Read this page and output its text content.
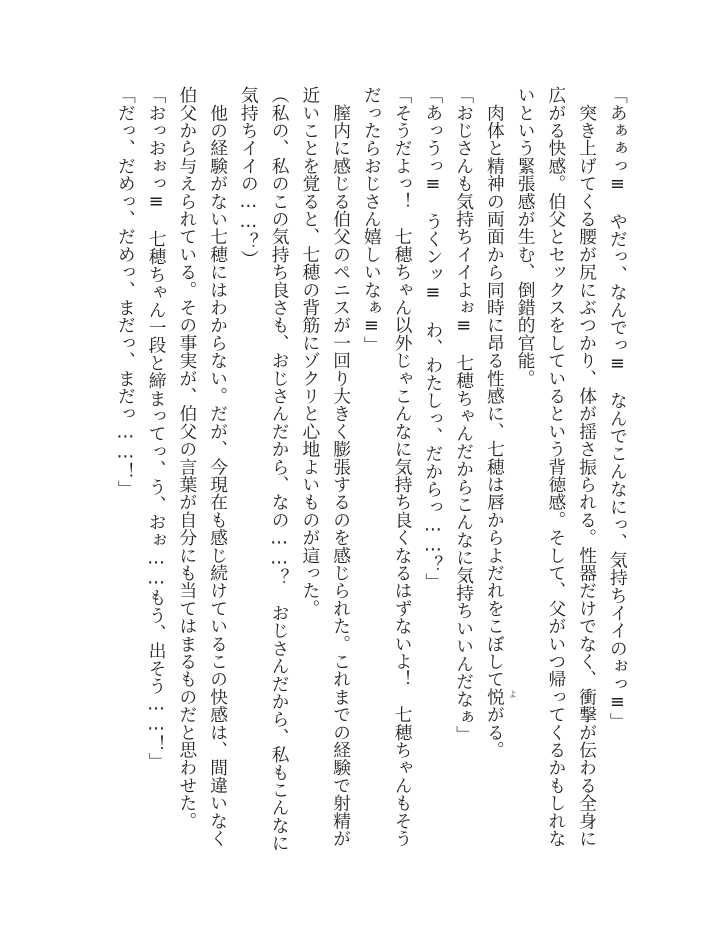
「あぁぁっ≡　やだっ、なんでっ≡　なんでこんなにっ、気持ちイイのぉっ≡」
　突き上げてくる腰が尻にぶつかり、体が揺さ振られる。性器だけでなく、衝撃が伝わる全身に
広がる快感。伯父とセックスをしているという背徳感。そして、父がいつ帰ってくるかもしれな
いという緊張感が生む、倒錯的官能。
　肉体と精神の両面から同時に昂る性感に、七穂は唇からよだれをこぼして悦 よ
がる。
「おじさんも気持ちイイよぉ≡　七穂ちゃんだからこんなに気持ちいいんだなぁ」
「あっうっ≡　うくンッ≡　わ、わたしっ、だからっ……？」
「そうだよっ！　七穂ちゃん以外じゃこんなに気持ち良くなるはずないよ！　七穂ちゃんもそう
だったらおじさん嬉しいなぁ≡」
　膣内に感じる伯父のペニスが一回り大きく膨張するのを感じられた。これまでの経験で射精が
近いことを覚ると、七穂の背筋にゾクリと心地よいものが這った。
（私の、私のこの気持ち良さも、おじさんだから、なの……？　おじさんだから、私もこんなに
気持ちイイの……？）
　他の経験がない七穂にはわからない。だが、今現在も感じ続けているこの快感は、間違いなく
伯父から与えられている。その事実が、伯父の言葉が自分にも当てはまるものだと思わせた。
「おっおぉっ≡　七穂ちゃん一段と締まってっ、う、おぉ……もう、出そう……！」
「だっ、だめっ、だめっ、まだっ、まだっ……！」
